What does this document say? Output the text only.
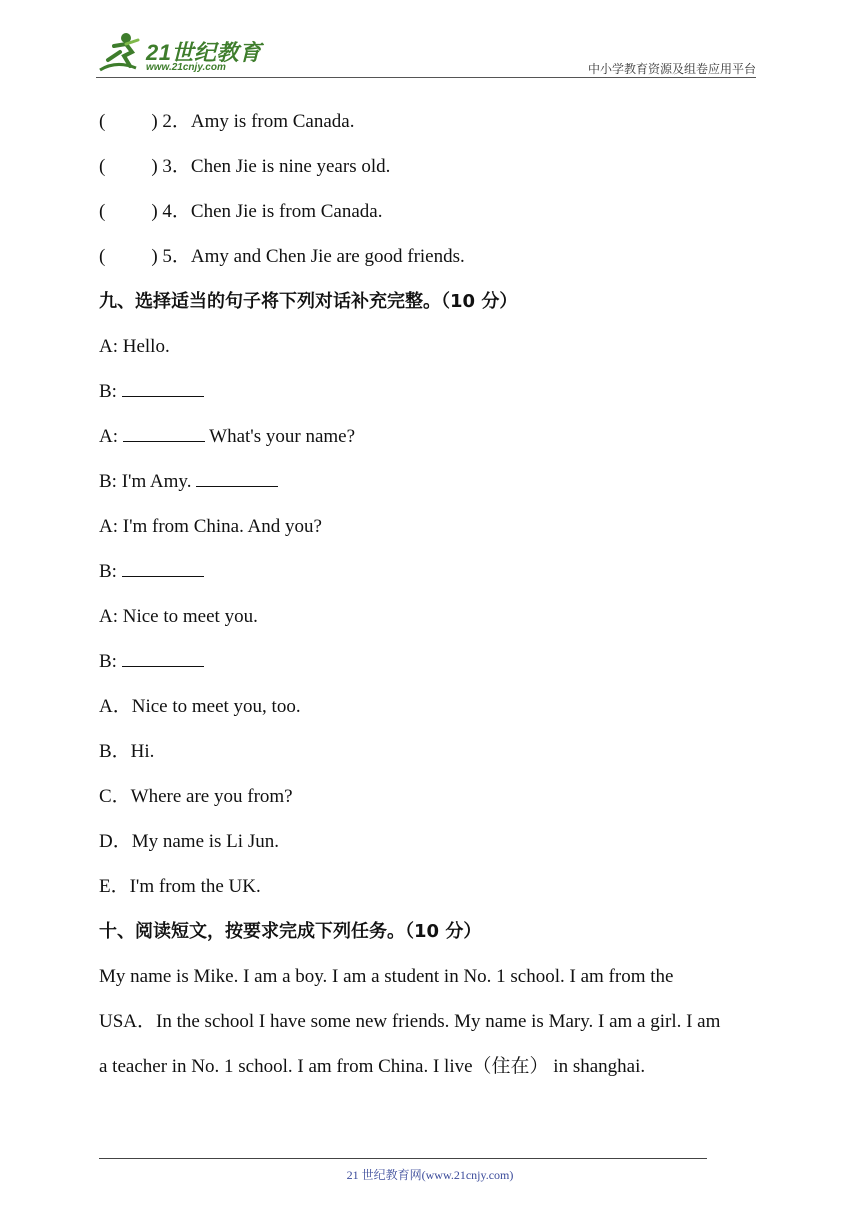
21世纪教育
www.21cnjy.com	中小学教育资源及组卷应用平台
( ) 2．Amy is from Canada.
( ) 3．Chen Jie is nine years old.
( ) 4．Chen Jie is from Canada.
( ) 5．Amy and Chen Jie are good friends.
九、选择适当的句子将下列对话补充完整。（10 分）
A: Hello.
B:
A:	What's your name?
B: I'm Amy.
A: I'm from China. And you?
B:
A: Nice to meet you.
B:
A．Nice to meet you, too.
B．Hi.
C．Where are you from?
D．My name is Li Jun.
E．I'm from the UK.
十、阅读短文，按要求完成下列任务。（10 分）
My name is Mike. I am a boy. I am a student in No. 1 school. I am from the
USA．In the school I have some new friends. My name is Mary. I am a girl. I am
a teacher in No. 1 school. I am from China. I live（住在） in shanghai.
21 世纪教育网(www.21cnjy.com)
